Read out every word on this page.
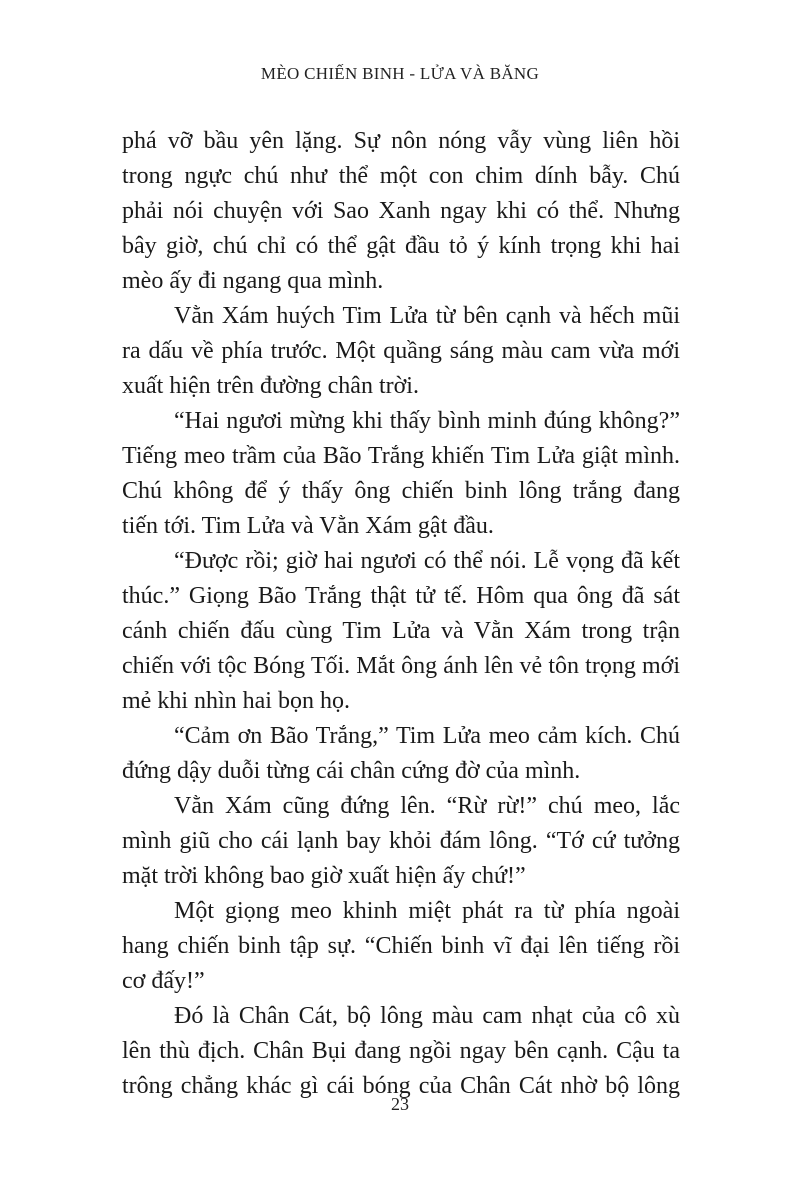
MÈO CHIẾN BINH - LỬA VÀ BĂNG
phá vỡ bầu yên lặng. Sự nôn nóng vẫy vùng liên hồi
trong ngực chú như thể một con chim dính bẫy. Chú
phải nói chuyện với Sao Xanh ngay khi có thể. Nhưng
bây giờ, chú chỉ có thể gật đầu tỏ ý kính trọng khi hai
mèo ấy đi ngang qua mình.
Vằn Xám huých Tim Lửa từ bên cạnh và hếch mũi
ra dấu về phía trước. Một quầng sáng màu cam vừa mới
xuất hiện trên đường chân trời.
“Hai ngươi mừng khi thấy bình minh đúng không?”
Tiếng meo trầm của Bão Trắng khiến Tim Lửa giật mình.
Chú không để ý thấy ông chiến binh lông trắng đang
tiến tới. Tim Lửa và Vằn Xám gật đầu.
“Được rồi; giờ hai ngươi có thể nói. Lễ vọng đã kết
thúc.” Giọng Bão Trắng thật tử tế. Hôm qua ông đã sát
cánh chiến đấu cùng Tim Lửa và Vằn Xám trong trận
chiến với tộc Bóng Tối. Mắt ông ánh lên vẻ tôn trọng mới
mẻ khi nhìn hai bọn họ.
“Cảm ơn Bão Trắng,” Tim Lửa meo cảm kích. Chú
đứng dậy duỗi từng cái chân cứng đờ của mình.
Vằn Xám cũng đứng lên. “Rừ rừ!” chú meo, lắc
mình giũ cho cái lạnh bay khỏi đám lông. “Tớ cứ tưởng
mặt trời không bao giờ xuất hiện ấy chứ!”
Một giọng meo khinh miệt phát ra từ phía ngoài
hang chiến binh tập sự. “Chiến binh vĩ đại lên tiếng rồi
cơ đấy!”
Đó là Chân Cát, bộ lông màu cam nhạt của cô xù
lên thù địch. Chân Bụi đang ngồi ngay bên cạnh. Cậu ta
trông chẳng khác gì cái bóng của Chân Cát nhờ bộ lông
23
